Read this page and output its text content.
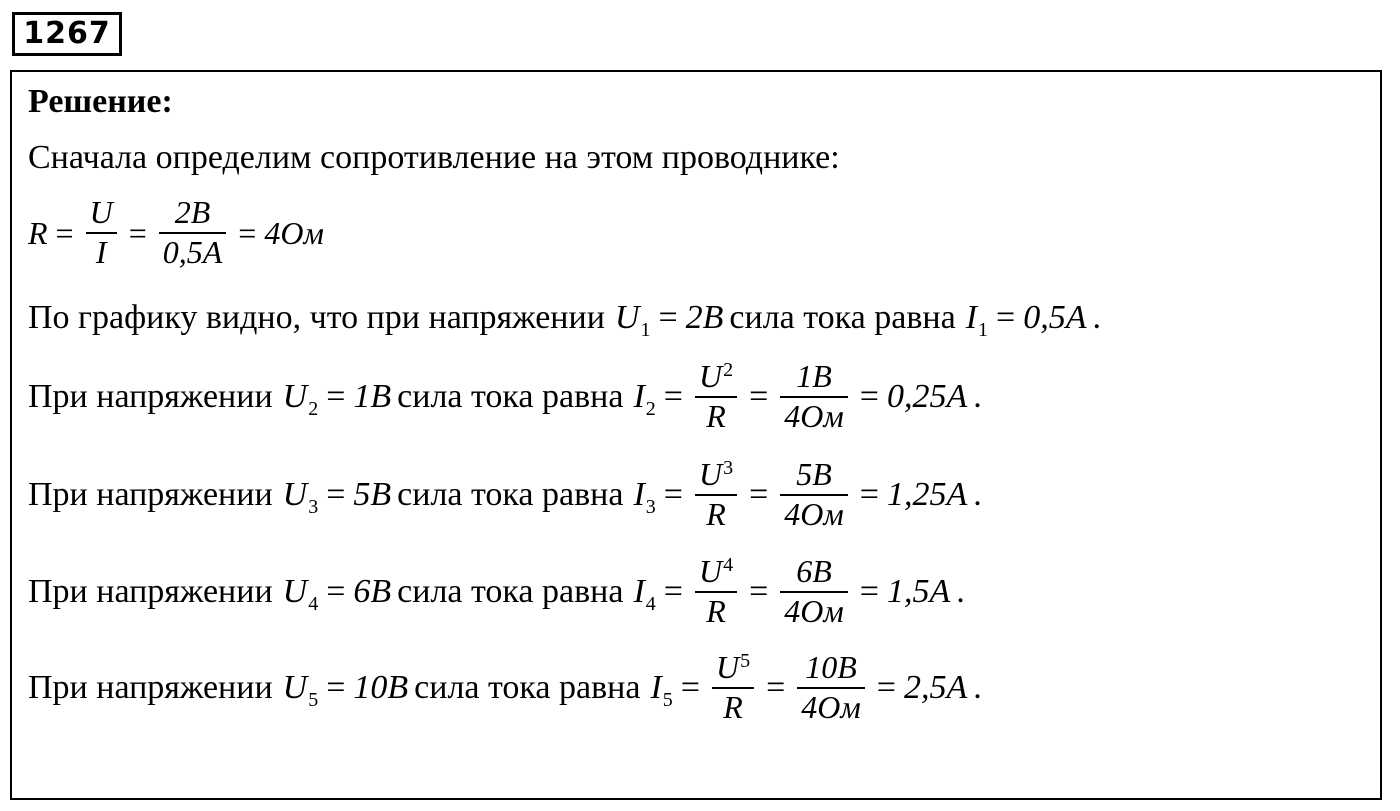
1267
Решение:
Сначала определим сопротивление на этом проводнике:
$R = \frac{U}{I} = \frac{2B}{0,5A} = 4Ом$
По графику видно, что при напряжении U 1 = 2B сила тока равна I 1 = 0,5A .
При напряжении U 2 = 1B сила тока равна I $2 = \frac{U^2}{R} = \frac{1B}{4Ом} = 0,25A$ .
При напряжении U 3 = 5B сила тока равна I $3 = \frac{U^3}{R} = \frac{5B}{4Ом} = 1,25A$ .
При напряжении U 4 = 6B сила тока равна I $4 = \frac{U^4}{R} = \frac{6B}{4Ом} = 1,5A$ .
При напряжении U 5 = 10B сила тока равна I $5 = \frac{U^5}{R} = \frac{10B}{4Ом} = 2,5A$ .
